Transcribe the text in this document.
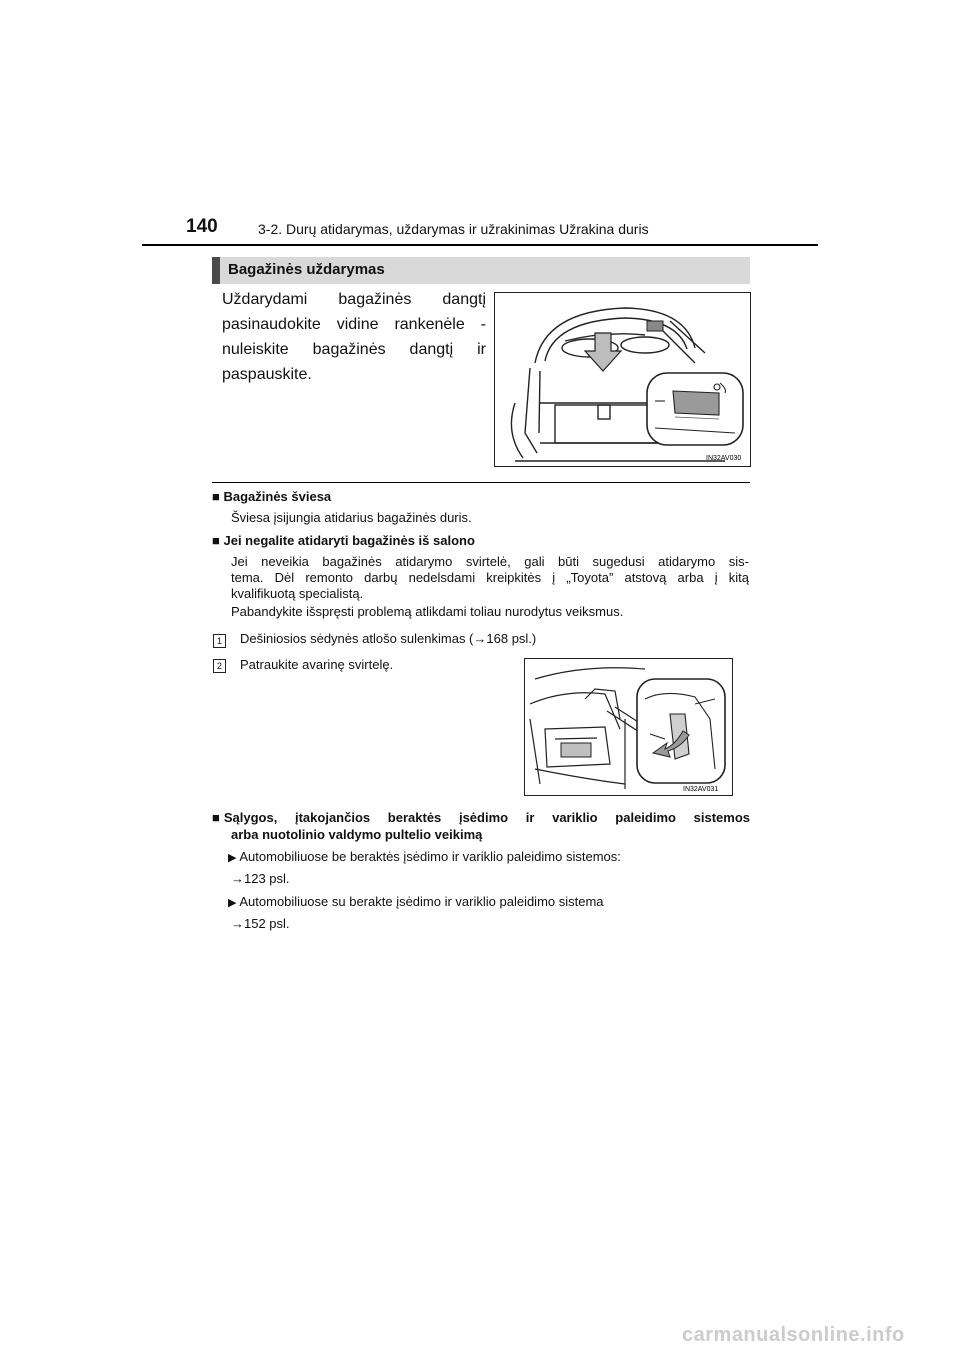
140	3-2. Durų atidarymas, uždarymas ir užrakinimas Užrakina duris
Bagažinės uždarymas
Uždarydami bagažinės dangtį pasinaudokite vidine rankenėle - nuleiskite bagažinės dangtį ir paspauskite.
IN32AV030
■ Bagažinės šviesa
Šviesa įsijungia atidarius bagažinės duris.
■ Jei negalite atidaryti bagažinės iš salono
Jei neveikia bagažinės atidarymo svirtelė, gali būti sugedusi atidarymo sis-
tema. Dėl remonto darbų nedelsdami kreipkitės į „Toyota” atstovą arba į kitą
kvalifikuotą specialistą.
Pabandykite išspręsti problemą atlikdami toliau nurodytus veiksmus.
1	Dešiniosios sėdynės atlošo sulenkimas (→168 psl.)
2	Patraukite avarinę svirtelę.
IN32AV031
■ Sąlygos, įtakojančios beraktės įsėdimo ir variklio paleidimo sistemos
arba nuotolinio valdymo pultelio veikimą
▶ Automobiliuose be beraktės įsėdimo ir variklio paleidimo sistemos:
→123 psl.
▶ Automobiliuose su berakte įsėdimo ir variklio paleidimo sistema
→152 psl.
carmanualsonline.info
